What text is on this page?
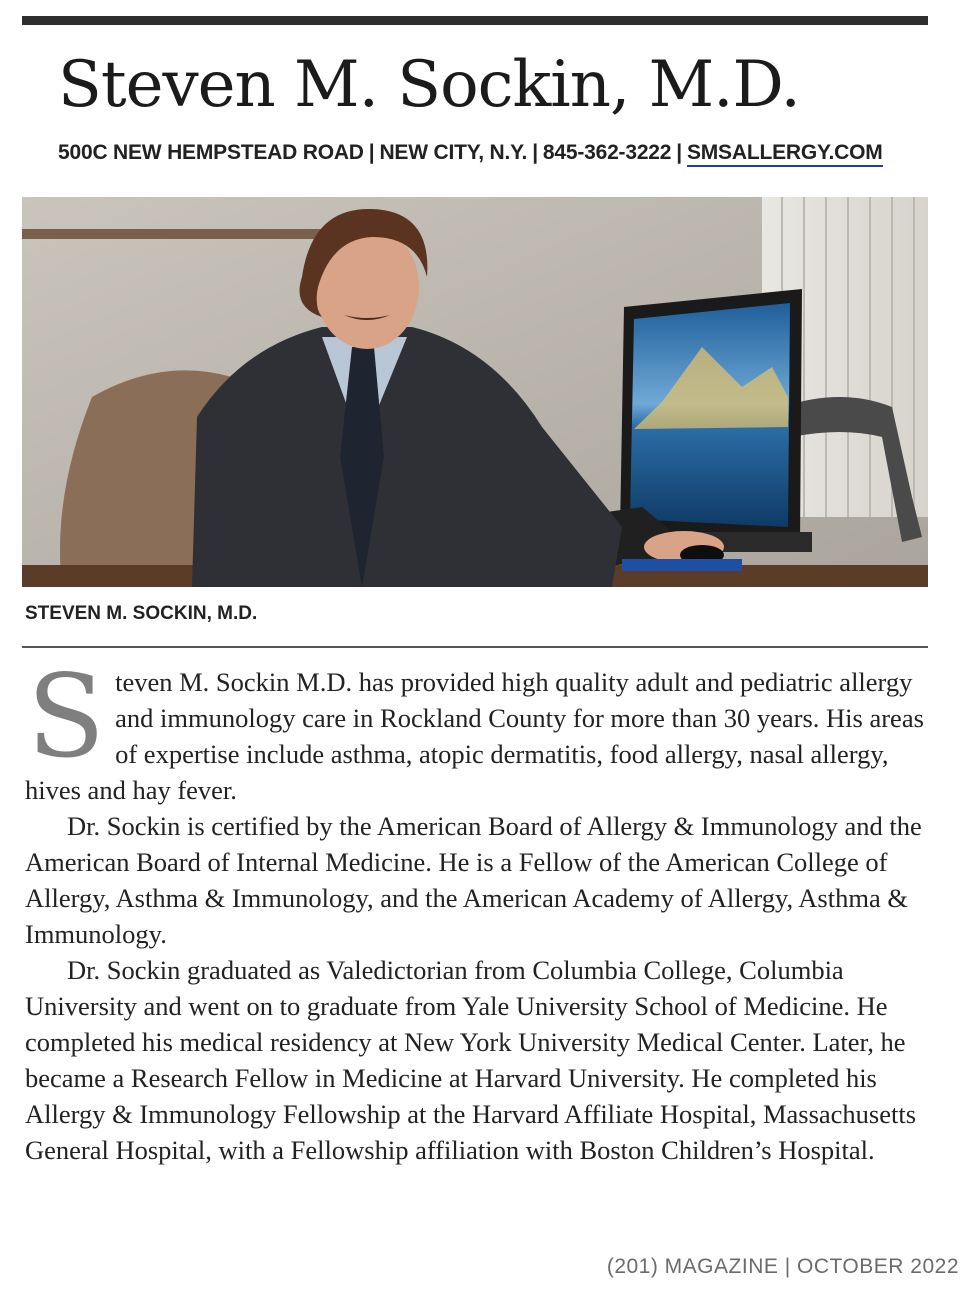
Steven M. Sockin, M.D.
500C NEW HEMPSTEAD ROAD | NEW CITY, N.Y. | 845-362-3222 | SMSALLERGY.COM
STEVEN M. SOCKIN, M.D.

Steven M. Sockin M.D. has provided high quality adult and pediatric allergy and immunology care in Rockland County for more than 30 years. His areas of expertise include asthma, atopic dermatitis, food allergy, nasal allergy, hives and hay fever.

Dr. Sockin is certified by the American Board of Allergy & Immunology and the American Board of Internal Medicine. He is a Fellow of the American College of Allergy, Asthma & Immunology, and the American Academy of Allergy, Asthma & Immunology.

Dr. Sockin graduated as Valedictorian from Columbia College, Columbia University and went on to graduate from Yale University School of Medicine. He completed his medical residency at New York University Medical Center. Later, he became a Research Fellow in Medicine at Harvard University. He completed his Allergy & Immunology Fellowship at the Harvard Affiliate Hospital, Massachusetts General Hospital, with a Fellowship affiliation with Boston Children’s Hospital.

(201) MAGAZINE | OCTOBER 2022
